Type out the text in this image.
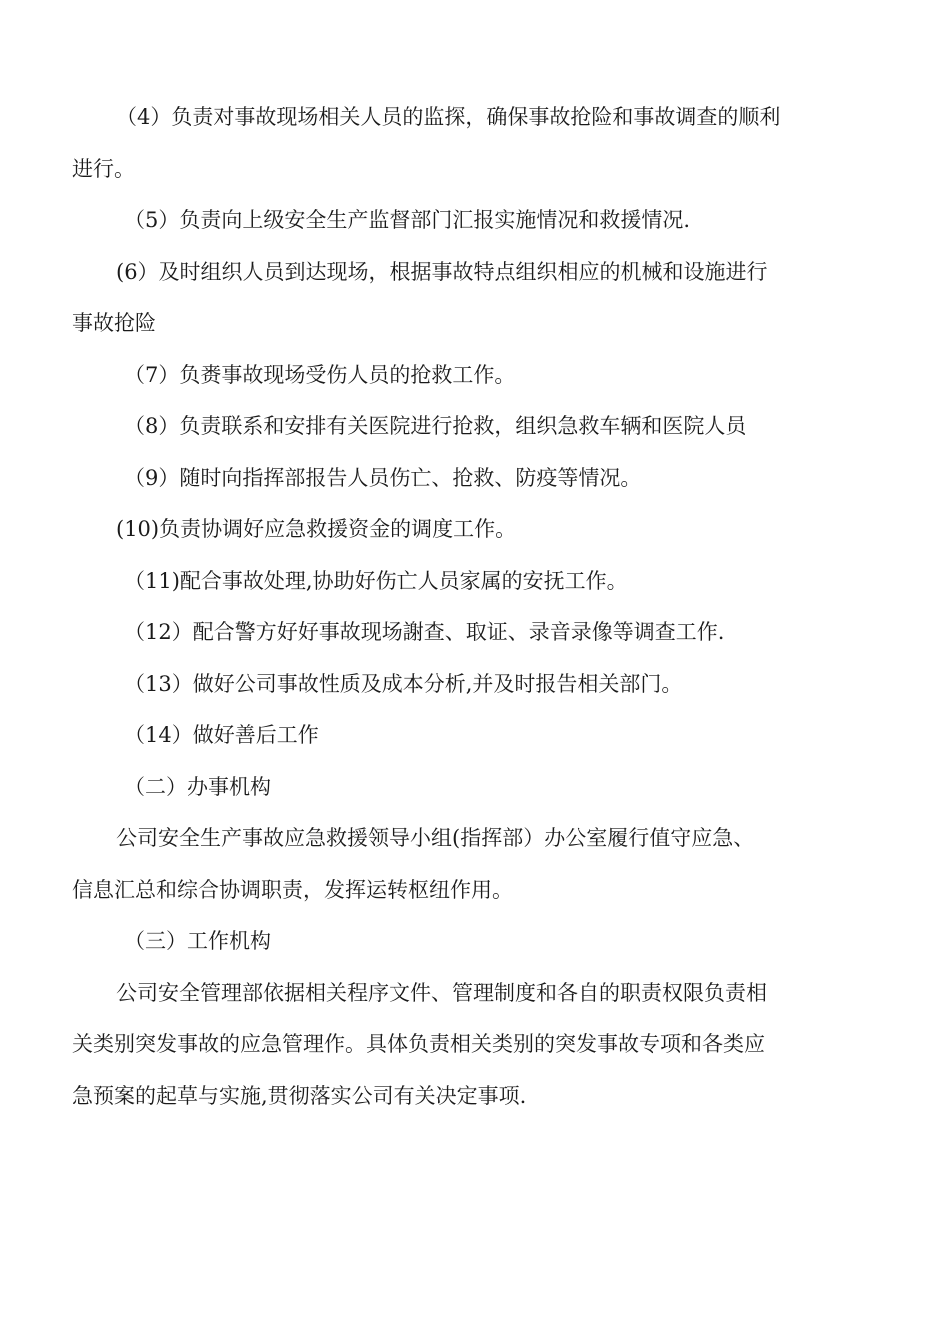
（4）负责对事故现场相关人员的监探，确保事故抢险和事故调查的顺利

进行。

（5）负责向上级安全生产监督部门汇报实施情况和救援情况.

(6）及时组织人员到达现场，根据事故特点组织相应的机械和设施进行

事故抢险

（7）负赉事故现场受伤人员的抢救工作。

（8）负责联系和安排有关医院进行抢救，组织急救车辆和医院人员

（9）随时向指挥部报告人员伤亡、抢救、防疫等情况。

(10)负责协调好应急救援资金的调度工作。

（11)配合事故处理,协助好伤亡人员家属的安抚工作。

（12）配合警方好好事故现场謝查、取证、录音录像等调查工作.

（13）做好公司事故性质及成本分析,并及时报告相关部门。

（14）做好善后工作

（二）办事机构

公司安全生产事故应急救援领导小组(指挥部）办公室履行值守应急、

信息汇总和综合协调职责，发挥运转枢纽作用。

（三）工作机构

公司安全管理部依据相关程序文件、管理制度和各自的职责权限负责相

关类别突发事故的应急管理作。具体负责相关类别的突发事故专项和各类应

急预案的起草与实施,贯彻落实公司有关决定事项.
